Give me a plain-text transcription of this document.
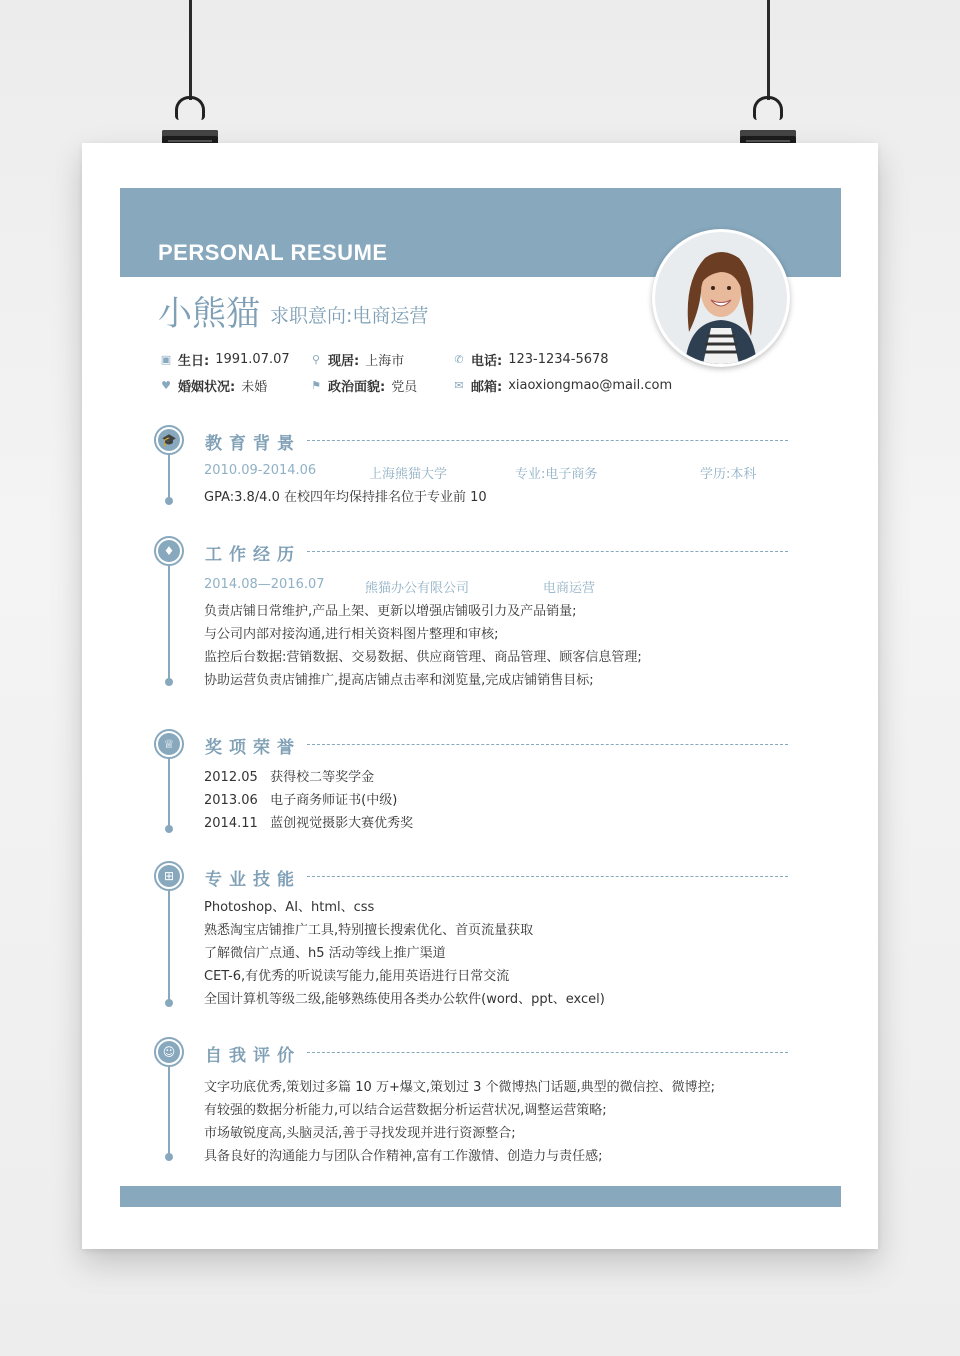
PERSONAL RESUME
小熊猫 求职意向:电商运营
▣ 生日: 1991.07.07 ⚲ 现居: 上海市	✆ 电话: 123-1234-5678
♥ 婚姻状况: 未婚	⚑ 政治面貌: 党员	✉ 邮箱: xiaoxiongmao@mail.com
🎓 教育背景
2010.09-2014.06	上海熊猫大学	专业:电子商务	学历:本科
GPA:3.8/4.0 在校四年均保持排名位于专业前 10
♦	工作经历
2014.08—2016.07	熊猫办公有限公司	电商运营
负责店铺日常维护,产品上架、更新以增强店铺吸引力及产品销量;
与公司内部对接沟通,进行相关资料图片整理和审核;
监控后台数据:营销数据、交易数据、供应商管理、商品管理、顾客信息管理;
协助运营负责店铺推广,提高店铺点击率和浏览量,完成店铺销售目标;
♕	奖项荣誉
2012.05 获得校二等奖学金
2013.06 电子商务师证书(中级)
2014.11 蓝创视觉摄影大赛优秀奖
⊞	专业技能
Photoshop、AI、html、css
熟悉淘宝店铺推广工具,特别擅长搜索优化、首页流量获取
了解微信广点通、h5 活动等线上推广渠道
CET-6,有优秀的听说读写能力,能用英语进行日常交流
全国计算机等级二级,能够熟练使用各类办公软件(word、ppt、excel)
☺ 自我评价
文字功底优秀,策划过多篇 10 万+爆文,策划过 3 个微博热门话题,典型的微信控、微博控;
有较强的数据分析能力,可以结合运营数据分析运营状况,调整运营策略;
市场敏锐度高,头脑灵活,善于寻找发现并进行资源整合;
具备良好的沟通能力与团队合作精神,富有工作激情、创造力与责任感;
